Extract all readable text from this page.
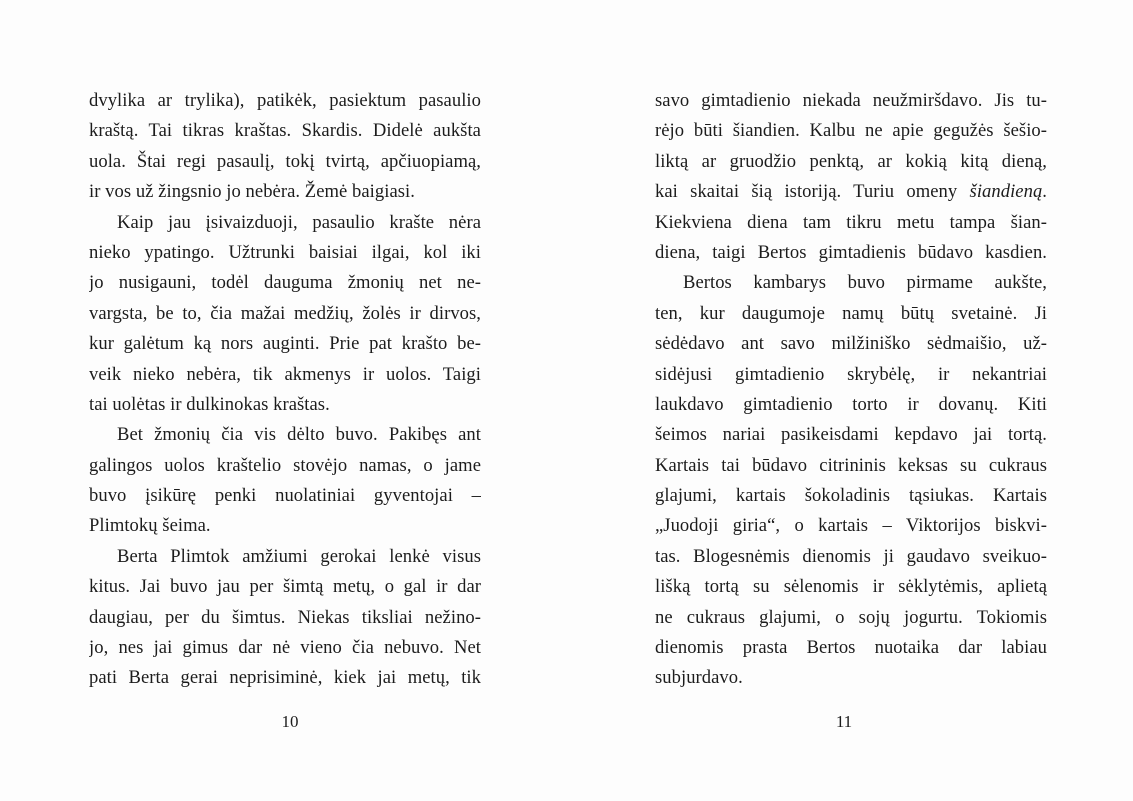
dvylika ar trylika), patikėk, pasiektum pasaulio
kraštą. Tai tikras kraštas. Skardis. Didelė aukšta
uola. Štai regi pasaulį, tokį tvirtą, apčiuopiamą,
ir vos už žingsnio jo nebėra. Žemė baigiasi.
Kaip jau įsivaizduoji, pasaulio krašte nėra
nieko ypatingo. Užtrunki baisiai ilgai, kol iki
jo nusigauni, todėl dauguma žmonių net ne-
vargsta, be to, čia mažai medžių, žolės ir dirvos,
kur galėtum ką nors auginti. Prie pat krašto be-
veik nieko nebėra, tik akmenys ir uolos. Taigi
tai uolėtas ir dulkinokas kraštas.
Bet žmonių čia vis dėlto buvo. Pakibęs ant
galingos uolos kraštelio stovėjo namas, o jame
buvo įsikūrę penki nuolatiniai gyventojai –
Plimtokų šeima.
Berta Plimtok amžiumi gerokai lenkė visus
kitus. Jai buvo jau per šimtą metų, o gal ir dar
daugiau, per du šimtus. Niekas tiksliai nežino-
jo, nes jai gimus dar nė vieno čia nebuvo. Net
pati Berta gerai neprisiminė, kiek jai metų, tik
10
savo gimtadienio niekada neužmiršdavo. Jis tu-
rėjo būti šiandien. Kalbu ne apie gegužės šešio-
liktą ar gruodžio penktą, ar kokią kitą dieną,
kai skaitai šią istoriją. Turiu omeny šiandieną.
Kiekviena diena tam tikru metu tampa šian-
diena, taigi Bertos gimtadienis būdavo kasdien.
Bertos kambarys buvo pirmame aukšte,
ten, kur daugumoje namų būtų svetainė. Ji
sėdėdavo ant savo milžiniško sėdmaišio, už-
sidėjusi gimtadienio skrybėlę, ir nekantriai
laukdavo gimtadienio torto ir dovanų. Kiti
šeimos nariai pasikeisdami kepdavo jai tortą.
Kartais tai būdavo citrininis keksas su cukraus
glajumi, kartais šokoladinis tąsiukas. Kartais
„Juodoji giria“, o kartais – Viktorijos biskvi-
tas. Blogesnėmis dienomis ji gaudavo sveikuo-
lišką tortą su sėlenomis ir sėklytėmis, aplietą
ne cukraus glajumi, o sojų jogurtu. Tokiomis
dienomis prasta Bertos nuotaika dar labiau
subjurdavo.
11
